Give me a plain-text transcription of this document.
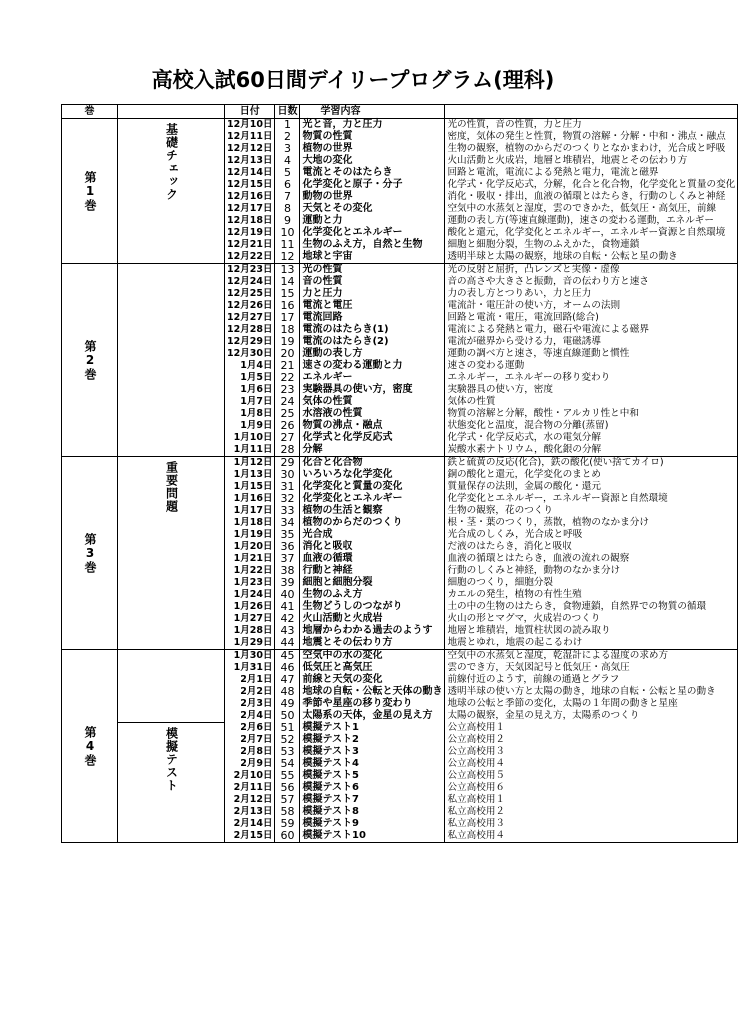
高校入試60日間デイリープログラム(理科)
巻		日付	日数	学習内容	

第1巻	基礎チェック	12月10日	1	光と音，力と圧力	光の性質，音の性質，力と圧力
		12月11日	2	物質の性質	密度，気体の発生と性質，物質の溶解・分解・中和・沸点・融点
		12月12日	3	植物の世界	生物の観察，植物のからだのつくりとなかまわけ，光合成と呼吸
		12月13日	4	大地の変化	火山活動と火成岩，地層と堆積岩，地震とその伝わり方
		12月14日	5	電流とそのはたらき	回路と電流，電流による発熱と電力，電流と磁界
		12月15日	6	化学変化と原子・分子	化学式・化学反応式，分解，化合と化合物，化学変化と質量の変化
		12月16日	7	動物の世界	消化・吸収・排出，血液の循環とはたらき，行動のしくみと神経
		12月17日	8	天気とその変化	空気中の水蒸気と湿度，雲のできかた，低気圧・高気圧，前線
		12月18日	9	運動と力	運動の表し方(等速直線運動)，速さの変わる運動，エネルギー
		12月19日	10	化学変化とエネルギー	酸化と還元，化学変化とエネルギー，エネルギー資源と自然環境
		12月21日	11	生物のふえ方，自然と生物	細胞と細胞分裂，生物のふえかた，食物連鎖
		12月22日	12	地球と宇宙	透明半球と太陽の観察，地球の自転・公転と星の動き

第2巻		12月23日	13	光の性質	光の反射と屈折，凸レンズと実像・虚像
		12月24日	14	音の性質	音の高さや大きさと振動，音の伝わり方と速さ
		12月25日	15	力と圧力	力の表し方とつりあい，力と圧力
		12月26日	16	電流と電圧	電流計・電圧計の使い方，オームの法則
		12月27日	17	電流回路	回路と電流・電圧，電流回路(総合)
		12月28日	18	電流のはたらき(1)	電流による発熱と電力，磁石や電流による磁界
		12月29日	19	電流のはたらき(2)	電流が磁界から受ける力，電磁誘導
		12月30日	20	運動の表し方	運動の調べ方と速さ，等速直線運動と慣性
		1月4日	21	速さの変わる運動と力	速さの変わる運動
		1月5日	22	エネルギー	エネルギー，エネルギーの移り変わり
		1月6日	23	実験器具の使い方，密度	実験器具の使い方，密度
		1月7日	24	気体の性質	気体の性質
		1月8日	25	水溶液の性質	物質の溶解と分解，酸性・アルカリ性と中和
		1月9日	26	物質の沸点・融点	状態変化と温度，混合物の分離(蒸留)
		1月10日	27	化学式と化学反応式	化学式・化学反応式，水の電気分解
		1月11日	28	分解	炭酸水素ナトリウム，酸化銀の分解

第3巻	重要問題	1月12日	29	化合と化合物	鉄と硫黄の反応(化合)，鉄の酸化(使い捨てカイロ)
		1月13日	30	いろいろな化学変化	銅の酸化と還元，化学変化のまとめ
		1月15日	31	化学変化と質量の変化	質量保存の法則，金属の酸化・還元
		1月16日	32	化学変化とエネルギー	化学変化とエネルギー，エネルギー資源と自然環境
		1月17日	33	植物の生活と観察	生物の観察，花のつくり
		1月18日	34	植物のからだのつくり	根・茎・葉のつくり，蒸散，植物のなかま分け
		1月19日	35	光合成	光合成のしくみ，光合成と呼吸
		1月20日	36	消化と吸収	だ液のはたらき，消化と吸収
		1月21日	37	血液の循環	血液の循環とはたらき，血液の流れの観察
		1月22日	38	行動と神経	行動のしくみと神経，動物のなかま分け
		1月23日	39	細胞と細胞分裂	細胞のつくり，細胞分裂
		1月24日	40	生物のふえ方	カエルの発生，植物の有性生殖
		1月26日	41	生物どうしのつながり	土の中の生物のはたらき，食物連鎖，自然界での物質の循環
		1月27日	42	火山活動と火成岩	火山の形とマグマ，火成岩のつくり
		1月28日	43	地層からわかる過去のようす	地層と堆積岩，地質柱状図の読み取り
		1月29日	44	地震とその伝わり方	地震とゆれ，地震の起こるわけ

第4巻		1月30日	45	空気中の水の変化	空気中の水蒸気と湿度，乾湿計による湿度の求め方
		1月31日	46	低気圧と高気圧	雲のでき方，天気図記号と低気圧・高気圧
		2月1日	47	前線と天気の変化	前線付近のようす，前線の通過とグラフ
		2月2日	48	地球の自転・公転と天体の動き	透明半球の使い方と太陽の動き，地球の自転・公転と星の動き
		2月3日	49	季節や星座の移り変わり	地球の公転と季節の変化，太陽の１年間の動きと星座
		2月4日	50	太陽系の天体，金星の見え方	太陽の観察，金星の見え方，太陽系のつくり

	模擬テスト	2月6日	51	模擬テスト1	公立高校用１
		2月7日	52	模擬テスト2	公立高校用２
		2月8日	53	模擬テスト3	公立高校用３
		2月9日	54	模擬テスト4	公立高校用４
		2月10日	55	模擬テスト5	公立高校用５
		2月11日	56	模擬テスト6	公立高校用６
		2月12日	57	模擬テスト7	私立高校用１
		2月13日	58	模擬テスト8	私立高校用２
		2月14日	59	模擬テスト9	私立高校用３
		2月15日	60	模擬テスト10	私立高校用４
